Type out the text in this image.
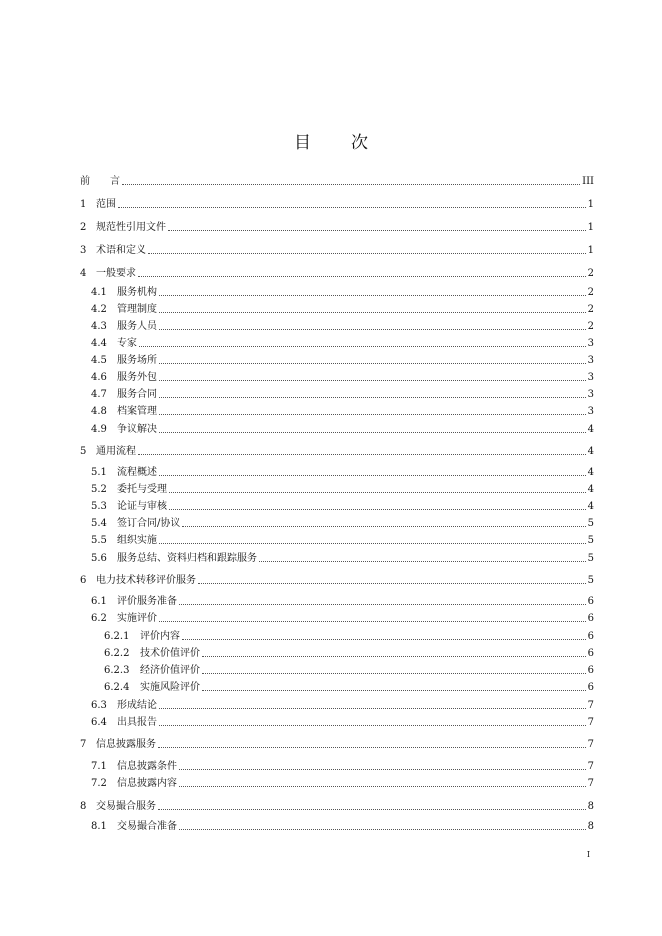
目 次
前　　言	III
1 范围	1
2 规范性引用文件	1
3 术语和定义	1
4 一般要求	2
4.1	服务机构	2
4.2	管理制度	2
4.3	服务人员	2
4.4	专家	3
4.5	服务场所	3
4.6	服务外包	3
4.7	服务合同	3
4.8	档案管理	3
4.9	争议解决	4
5 通用流程	4
5.1	流程概述	4
5.2	委托与受理	4
5.3	论证与审核	4
5.4	签订合同/协议	5
5.5	组织实施	5
5.6	服务总结、资料归档和跟踪服务	5
6 电力技术转移评价服务	5
6.1	评价服务准备	6
6.2	实施评价	6
6.2.1	评价内容	6
6.2.2	技术价值评价	6
6.2.3	经济价值评价	6
6.2.4	实施风险评价	6
6.3	形成结论	7
6.4	出具报告	7
7 信息披露服务	7
7.1	信息披露条件	7
7.2	信息披露内容	7
8 交易撮合服务	8
8.1	交易撮合准备	8
I
